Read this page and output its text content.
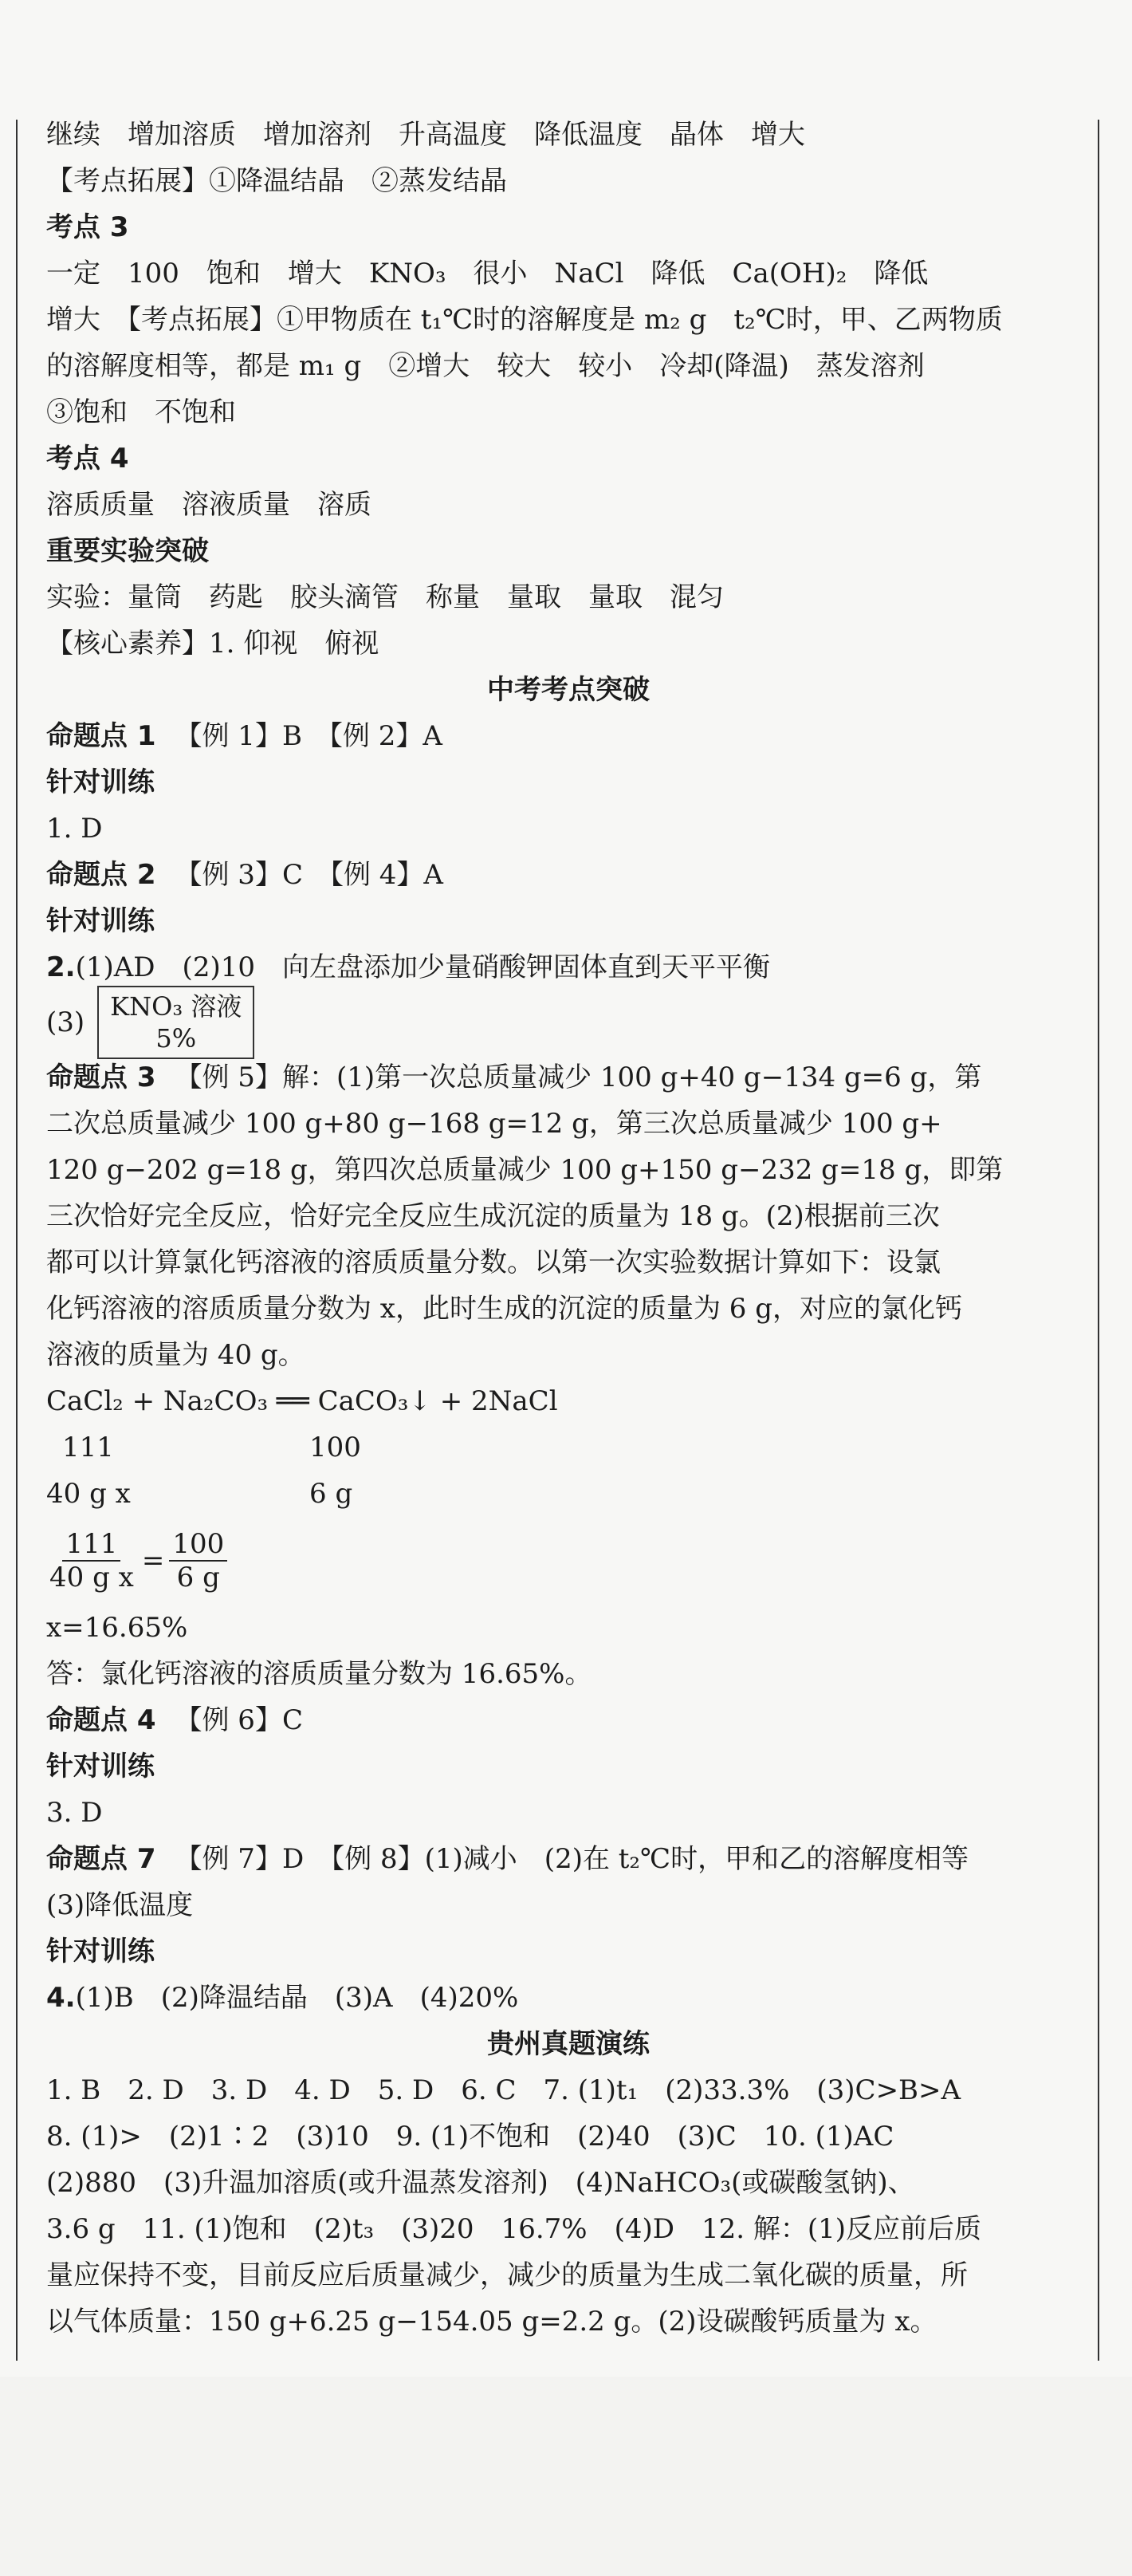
继续　增加溶质　增加溶剂　升高温度　降低温度　晶体　增大
【考点拓展】①降温结晶　②蒸发结晶
考点 3
一定　100　饱和　增大　KNO₃　很小　NaCl　降低　Ca(OH)₂　降低
增大　【考点拓展】①甲物质在 t₁℃时的溶解度是 m₂ g　t₂℃时，甲、乙两物质
的溶解度相等，都是 m₁ g　②增大　较大　较小　冷却(降温)　蒸发溶剂
③饱和　不饱和
考点 4
溶质质量　溶液质量　溶质
重要实验突破
实验：量筒　药匙　胶头滴管　称量　量取　量取　混匀
【核心素养】1. 仰视　俯视
中考考点突破
命题点 1 【例 1】B　【例 2】A
针对训练
1. D
命题点 2 【例 3】C　【例 4】A
针对训练
2.(1)AD　(2)10　向左盘添加少量硝酸钾固体直到天平平衡
(3) KNO₃ 溶液
5%
命题点 3 【例 5】解：(1)第一次总质量减少 100 g+40 g−134 g=6 g，第
二次总质量减少 100 g+80 g−168 g=12 g，第三次总质量减少 100 g+
120 g−202 g=18 g，第四次总质量减少 100 g+150 g−232 g=18 g，即第
三次恰好完全反应，恰好完全反应生成沉淀的质量为 18 g。(2)根据前三次
都可以计算氯化钙溶液的溶质质量分数。以第一次实验数据计算如下：设氯
化钙溶液的溶质质量分数为 x，此时生成的沉淀的质量为 6 g，对应的氯化钙
溶液的质量为 40 g。
CaCl₂ + Na₂CO₃ ══ CaCO₃↓ + 2NaCl
111	100
40 g x	6 g
$\frac{111}{\text{40 g x}} = \frac{100}{6 g}$
x=16.65%
答：氯化钙溶液的溶质质量分数为 16.65%。
命题点 4 【例 6】C
针对训练
3. D
命题点 7 【例 7】D　【例 8】(1)减小　(2)在 t₂℃时，甲和乙的溶解度相等
(3)降低温度
针对训练
4.(1)B　(2)降温结晶　(3)A　(4)20%
贵州真题演练
1. B　2. D　3. D　4. D　5. D　6. C　7. (1)t₁　(2)33.3%　(3)C>B>A
8. (1)>　(2)1∶2　(3)10　9. (1)不饱和　(2)40　(3)C　10. (1)AC
(2)880　(3)升温加溶质(或升温蒸发溶剂)　(4)NaHCO₃(或碳酸氢钠)、
3.6 g　11. (1)饱和　(2)t₃　(3)20　16.7%　(4)D　12. 解：(1)反应前后质
量应保持不变，目前反应后质量减少，减少的质量为生成二氧化碳的质量，所
以气体质量：150 g+6.25 g−154.05 g=2.2 g。(2)设碳酸钙质量为 x。
